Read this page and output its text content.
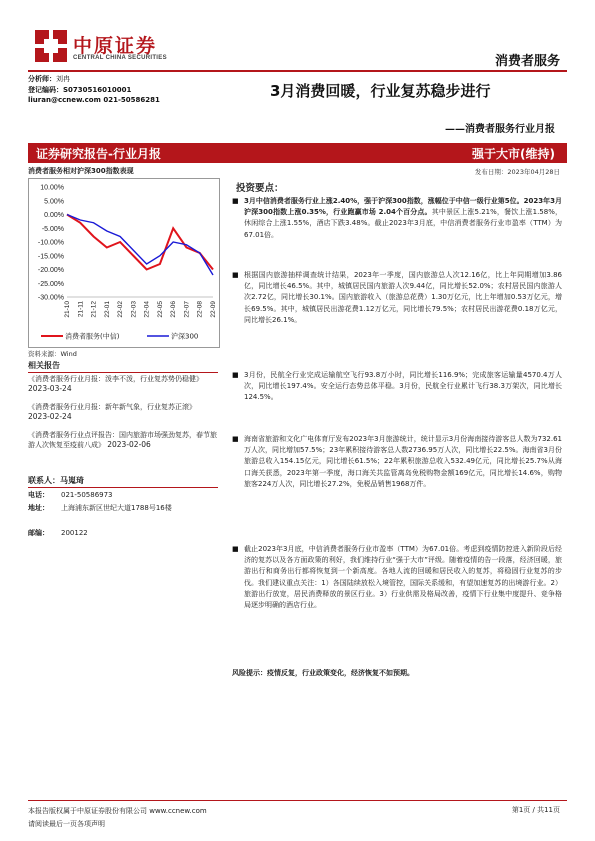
中原证券
CENTRAL CHINA SECURITIES	消费者服务
分析师：刘冉
登记编码：S0730516010001
liuran@ccnew.com 021-50586281	3月消费回暖，行业复苏稳步进行
——消费者服务行业月报
证券研究报告-行业月报	强于大市(维持)
发布日期：2023年04月28日
消费者服务相对沪深300指数表现
10.00%
5.00%
0.00%
-5.00%
-10.00%
-15.00%
-20.00%
-25.00%
-30.00%
21-10 21-11 21-12 22-01 22-02 22-03 22-04 22-05 22-06 22-07 22-08 22-09
消费者服务(中信)	沪深300
资料来源：Wind
相关报告
《消费者服务行业月报：泼李不泼，行业复苏势仍稳健》 2023-03-24
《消费者服务行业月报：新年新气象，行业复苏正滚》 2023-02-24
《消费者服务行业点评报告：国内旅游市场强劲复苏，春节旅游人次恢复至疫前八成》 2023-02-06
联系人：马嵬琦
电话： 021-50586973
地址： 上海浦东新区世纪大道1788号16楼
邮编： 200122
投资要点：
■ 3月中信消费者服务行业上涨2.40%，强于沪深300指数，涨幅位于中信一级行业第5位。2023年3月沪深300指数上涨0.35%，行业跑赢市场 2.04个百分点。其中景区上涨5.21%，餐饮上涨1.58%，休闲综合上涨1.55%，酒店下跌3.48%。截止2023年3月底，中信消费者服务行业市盈率（TTM）为67.01倍。
■ 根据国内旅游抽样调查统计结果，2023年一季度，国内旅游总人次12.16亿，比上年同期增加3.86亿，同比增长46.5%。其中，城镇居民国内旅游人次9.44亿，同比增长52.0%；农村居民国内旅游人次2.72亿，同比增长30.1%。国内旅游收入（旅游总花费）1.30万亿元，比上年增加0.53万亿元，增长69.5%。其中，城镇居民出游花费1.12万亿元，同比增长79.5%；农村居民出游花费0.18万亿元，同比增长26.1%。
■ 3月份，民航全行业完成运输航空飞行93.8万小时，同比增长116.9%；完成旅客运输量4570.4万人次，同比增长197.4%。安全运行态势总体平稳。3月份，民航全行业累计飞行38.3万架次，同比增长124.5%。
■ 海南省旅游和文化广电体育厅发布2023年3月旅游统计，统计显示3月份海南接待游客总人数为732.61万人次，同比增加57.5%；23年累积接待游客总人数2736.95万人次，同比增长22.5%。海南省3月份旅游总收入154.15亿元，同比增长61.5%；22年累积旅游总收入532.49亿元，同比增长25.7%从海口海关获悉，2023年第一季度，海口海关共监管离岛免税购物金额169亿元，同比增长14.6%，购物旅客224万人次，同比增长27.2%，免税品销售1968万件。
■ 截止2023年3月底，中信消费者服务行业市盈率（TTM）为67.01倍。考虑到疫情防控进入新阶段后经济的复苏以及各方面政策的利好，我们维持行业“强于大市”评级。随着疫情的告一段落，经济回暖，旅游出行和商务出行都将恢复到一个新高度。各地人流的回暖和居民收入的复苏，将稳固行业复苏的步伐。我们建议重点关注：1）各国陆续放松入境管控，国际关系缓和，有望加速复苏的出境游行业。2）旅游出行放宽，居民消费释放的景区行业。3）行业供需及格局改善，疫情下行业集中度提升、竞争格局逐步明确的酒店行业。
风险提示：疫情反复，行业政策变化，经济恢复不如预期。
本报告版权属于中原证券股份有限公司 www.ccnew.com
请阅读最后一页各项声明
第1页 / 共11页
